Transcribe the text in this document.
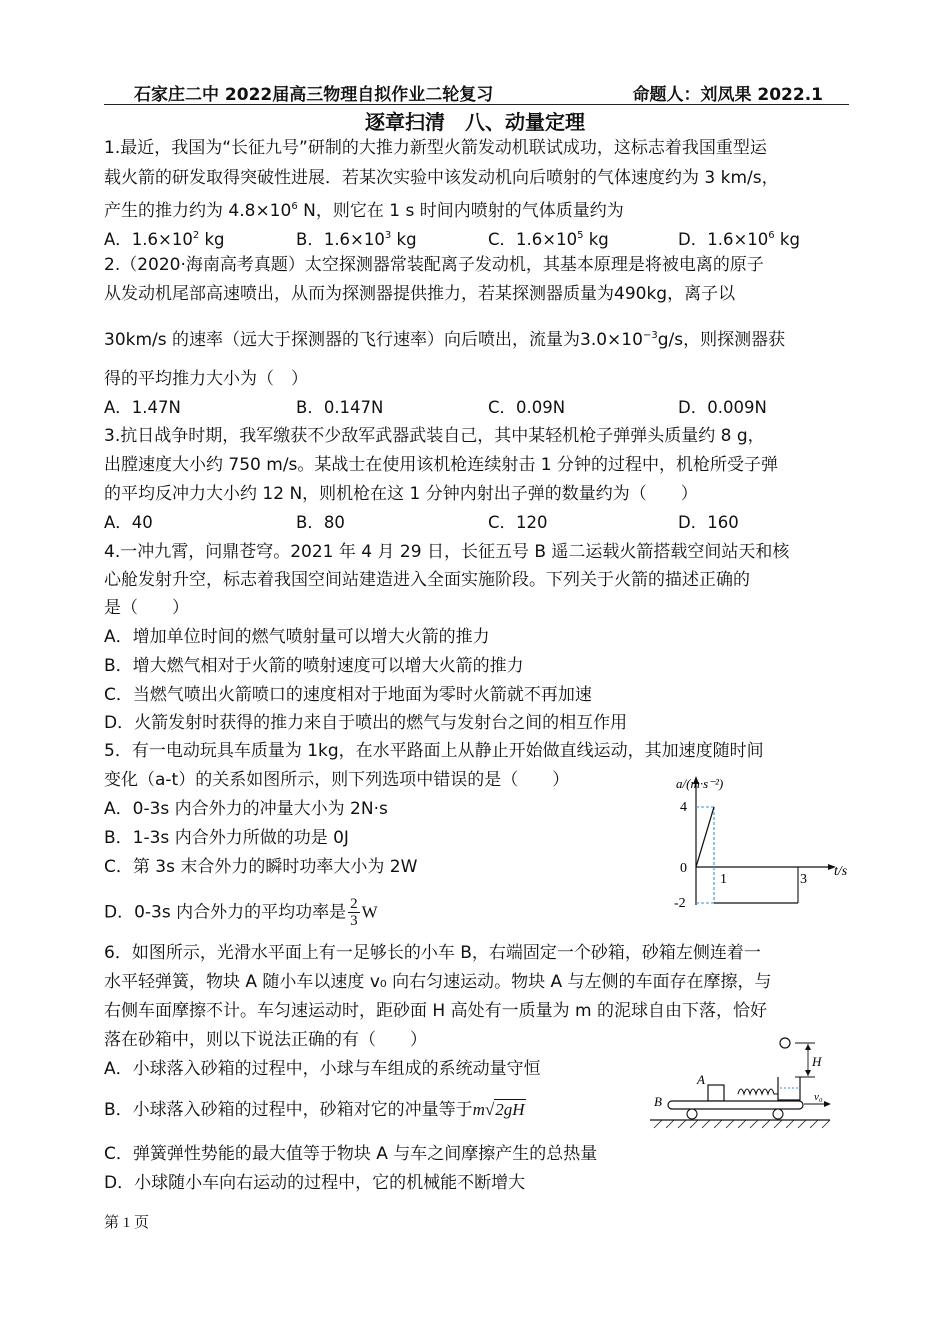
石家庄二中 2022届高三物理自拟作业二轮复习	命题人：刘凤果 2022.1
逐章扫清　八、动量定理
1.最近，我国为“长征九号”研制的大推力新型火箭发动机联试成功，这标志着我国重型运
载火箭的研发取得突破性进展．若某次实验中该发动机向后喷射的气体速度约为 3 km/s，
产生的推力约为 $4.8\times 10^6$ N，则它在 1 s 时间内喷射的气体质量约为
A．$1.6\times 10^2$ kg	B．$1.6\times 10^3$ kg	C．$1.6\times 10^5$ kg	D．$1.6\times 10^6$ kg
2.（2020·海南高考真题）太空探测器常装配离子发动机，其基本原理是将被电离的原子
从发动机尾部高速喷出，从而为探测器提供推力，若某探测器质量为490kg，离子以
30km/s 的速率（远大于探测器的飞行速率）向后喷出，流量为$3.0\times 10^{-3}g/s$，则探测器获
得的平均推力大小为（　）
A．1.47N	B．0.147N	C．0.09N	D．0.009N
3.抗日战争时期，我军缴获不少敌军武器武装自己，其中某轻机枪子弹弹头质量约 8 g，
出膛速度大小约 750 m/s。某战士在使用该机枪连续射击 1 分钟的过程中，机枪所受子弹
的平均反冲力大小约 12 N，则机枪在这 1 分钟内射出子弹的数量约为（　　）
A．40	B．80	C．120	D．160
4.一冲九霄，问鼎苍穹。2021 年 4 月 29 日，长征五号 B 遥二运载火箭搭载空间站天和核
心舱发射升空，标志着我国空间站建造进入全面实施阶段。下列关于火箭的描述正确的
是（　　）
A．增加单位时间的燃气喷射量可以增大火箭的推力
B．增大燃气相对于火箭的喷射速度可以增大火箭的推力
C．当燃气喷出火箭喷口的速度相对于地面为零时火箭就不再加速
D．火箭发射时获得的推力来自于喷出的燃气与发射台之间的相互作用
5．有一电动玩具车质量为 1kg，在水平路面上从静止开始做直线运动，其加速度随时间
变化（a-t）的关系如图所示，则下列选项中错误的是（　　）
A．0-3s 内合外力的冲量大小为 2N·s
B．1-3s 内合外力所做的功是 0J
C．第 3s 末合外力的瞬时功率大小为 2W
D．0-3s 内合外力的平均功率是 $\frac{2}{3}$ W
a/(m·s⁻²)
t/s
4
0
-2
1	3
6．如图所示，光滑水平面上有一足够长的小车 B，右端固定一个砂箱，砂箱左侧连着一
水平轻弹簧，物块 A 随小车以速度 v₀ 向右匀速运动。物块 A 与左侧的车面存在摩擦，与
右侧车面摩擦不计。车匀速运动时，距砂面 H 高处有一质量为 m 的泥球自由下落，恰好
落在砂箱中，则以下说法正确的有（　　）
A．小球落入砂箱的过程中，小球与车组成的系统动量守恒
B．小球落入砂箱的过程中，砂箱对它的冲量等于m√2gH
C．弹簧弹性势能的最大值等于物块 A 与车之间摩擦产生的总热量
D．小球随小车向右运动的过程中，它的机械能不断增大
H
A
B	v₀
第 1 页
